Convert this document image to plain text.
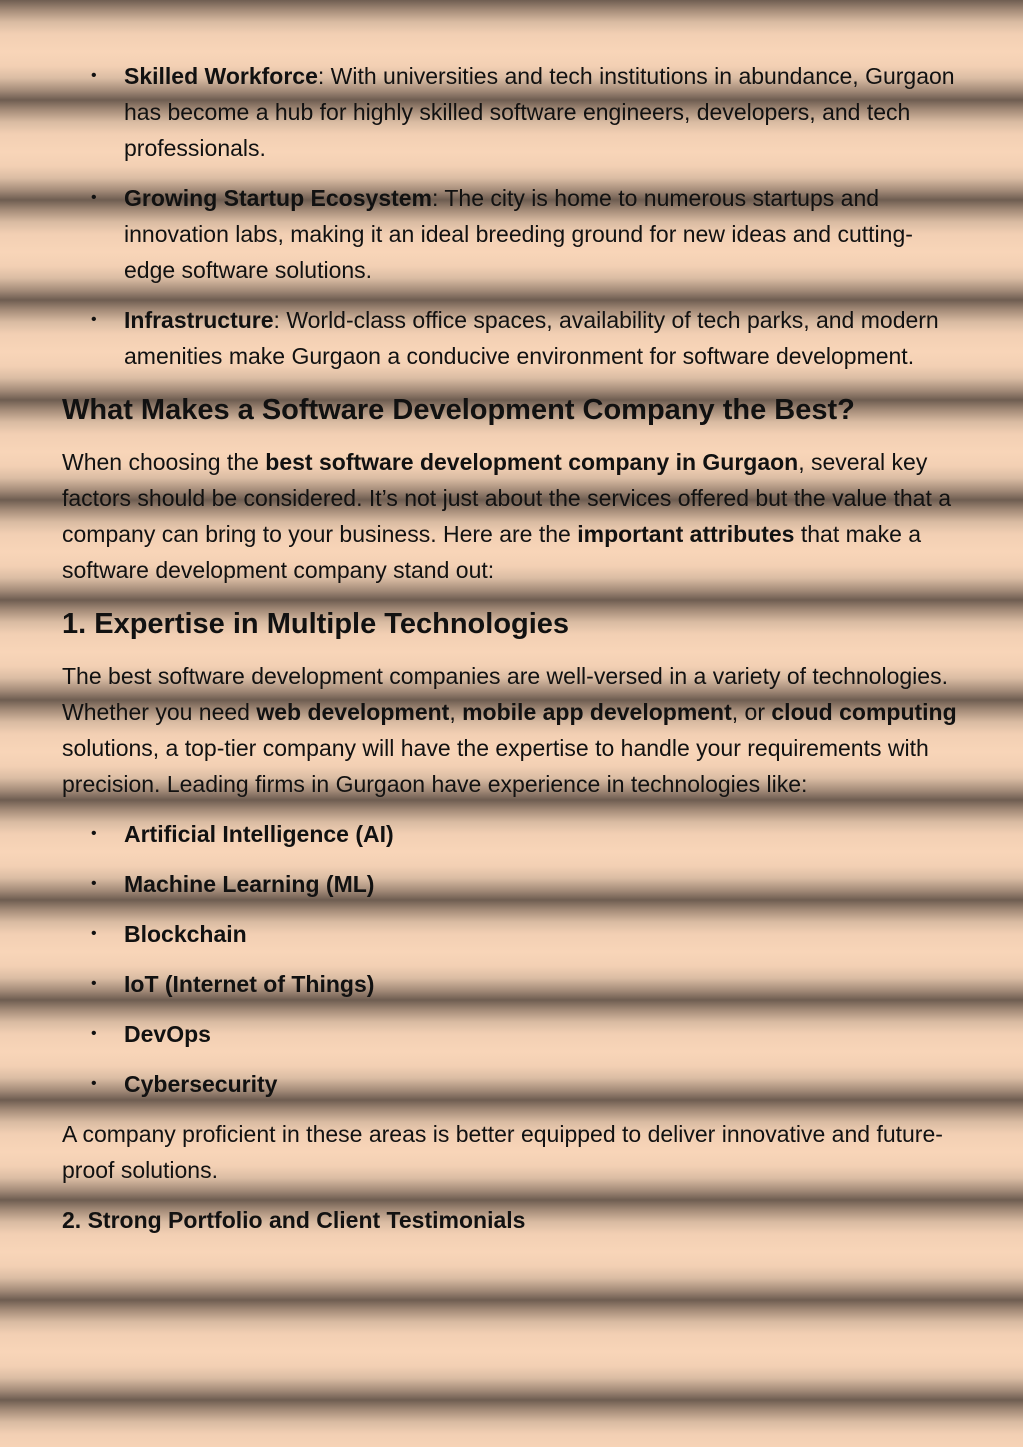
• Skilled Workforce: With universities and tech institutions in abundance, Gurgaon has become a hub for highly skilled software engineers, developers, and tech professionals.
• Growing Startup Ecosystem: The city is home to numerous startups and innovation labs, making it an ideal breeding ground for new ideas and cutting-edge software solutions.
• Infrastructure: World-class office spaces, availability of tech parks, and modern amenities make Gurgaon a conducive environment for software development.
What Makes a Software Development Company the Best?

When choosing the best software development company in Gurgaon, several key factors should be considered. It’s not just about the services offered but the value that a company can bring to your business. Here are the important attributes that make a software development company stand out:

1. Expertise in Multiple Technologies

The best software development companies are well-versed in a variety of technologies. Whether you need web development, mobile app development, or cloud computing solutions, a top-tier company will have the expertise to handle your requirements with precision. Leading firms in Gurgaon have experience in technologies like:

• Artificial Intelligence (AI)
• Machine Learning (ML)
• Blockchain
• IoT (Internet of Things)
• DevOps
• Cybersecurity

A company proficient in these areas is better equipped to deliver innovative and future-proof solutions.

2. Strong Portfolio and Client Testimonials
